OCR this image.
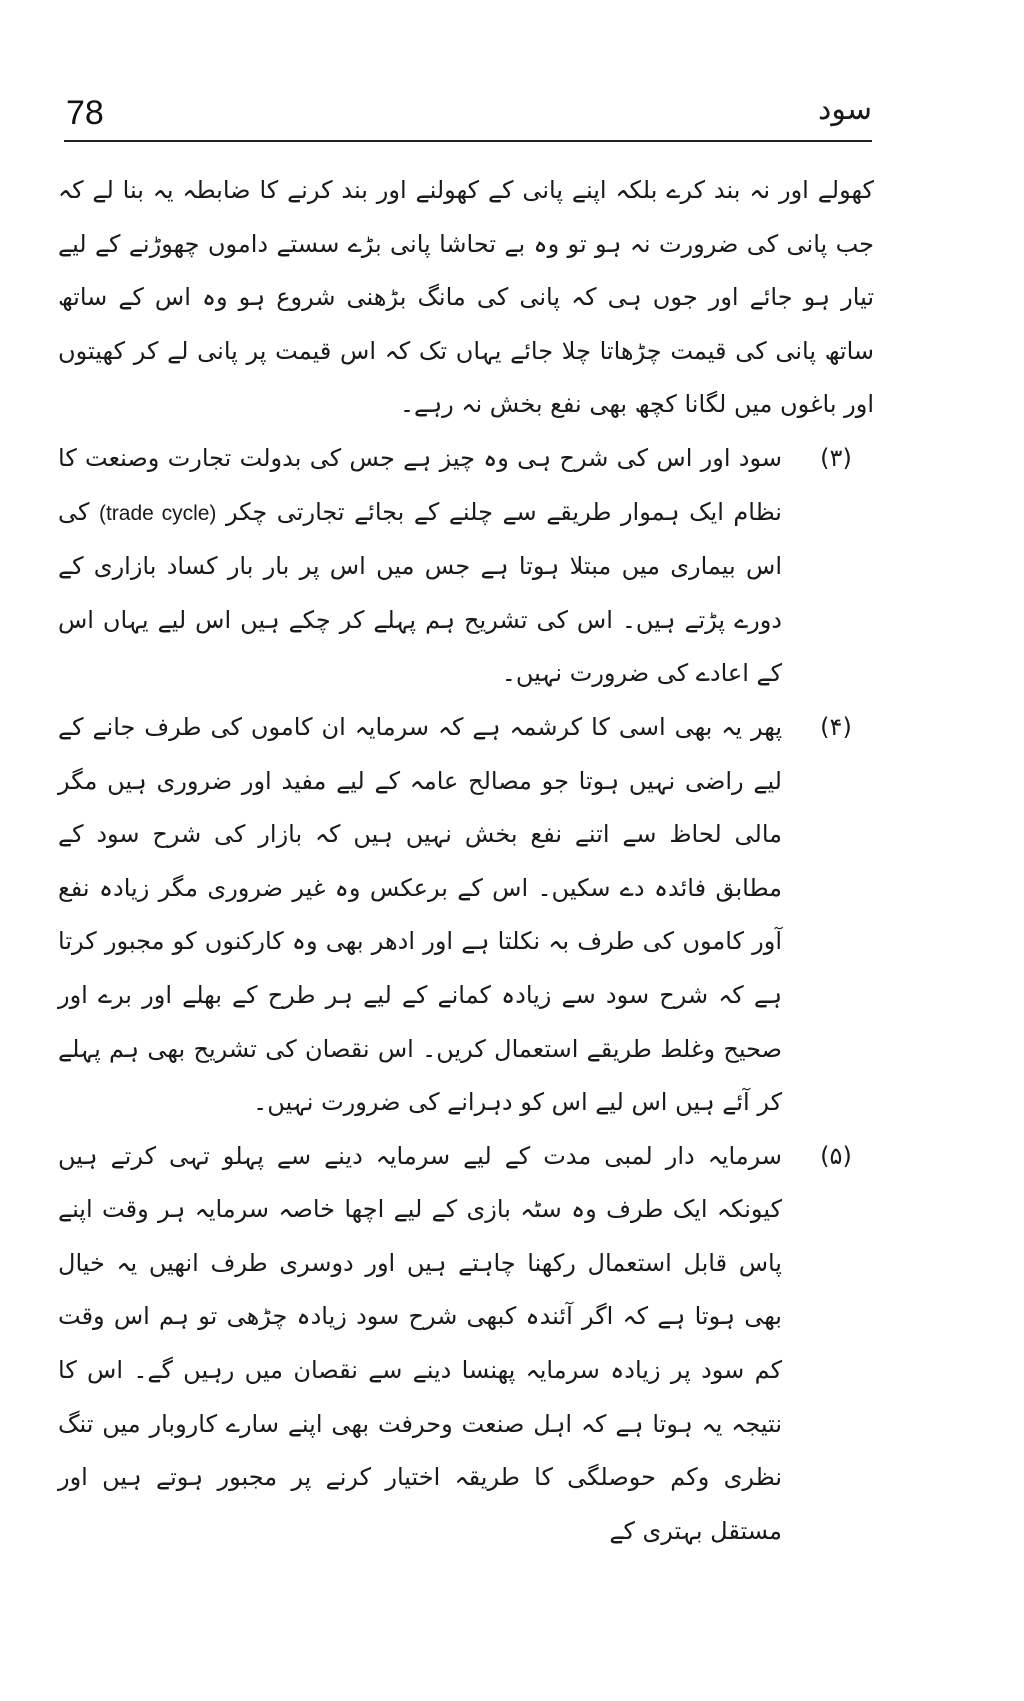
78	سود

کھولے اور نہ بند کرے بلکہ اپنے پانی کے کھولنے اور بند کرنے کا ضابطہ یہ بنا لے کہ جب پانی کی ضرورت نہ ہو تو وہ بے تحاشا پانی بڑے سستے داموں چھوڑنے کے لیے تیار ہو جائے اور جوں ہی کہ پانی کی مانگ بڑھنی شروع ہو وہ اس کے ساتھ ساتھ پانی کی قیمت چڑھاتا چلا جائے یہاں تک کہ اس قیمت پر پانی لے کر کھیتوں اور باغوں میں لگانا کچھ بھی نفع بخش نہ رہے۔

(۳)
سود اور اس کی شرح ہی وہ چیز ہے جس کی بدولت تجارت وصنعت کا نظام ایک ہموار طریقے سے چلنے کے بجائے تجارتی چکر (trade cycle) کی اس بیماری میں مبتلا ہوتا ہے جس میں اس پر بار بار کساد بازاری کے دورے پڑتے ہیں۔ اس کی تشریح ہم پہلے کر چکے ہیں اس لیے یہاں اس کے اعادے کی ضرورت نہیں۔
(۴)
پھر یہ بھی اسی کا کرشمہ ہے کہ سرمایہ ان کاموں کی طرف جانے کے لیے راضی نہیں ہوتا جو مصالح عامہ کے لیے مفید اور ضروری ہیں مگر مالی لحاظ سے اتنے نفع بخش نہیں ہیں کہ بازار کی شرح سود کے مطابق فائدہ دے سکیں۔ اس کے برعکس وہ غیر ضروری مگر زیادہ نفع آور کاموں کی طرف بہ نکلتا ہے اور ادھر بھی وہ کارکنوں کو مجبور کرتا ہے کہ شرح سود سے زیادہ کمانے کے لیے ہر طرح کے بھلے اور برے اور صحیح وغلط طریقے استعمال کریں۔ اس نقصان کی تشریح بھی ہم پہلے کر آئے ہیں اس لیے اس کو دہرانے کی ضرورت نہیں۔
(۵)
سرمایہ دار لمبی مدت کے لیے سرمایہ دینے سے پہلو تہی کرتے ہیں کیونکہ ایک طرف وہ سٹہ بازی کے لیے اچھا خاصہ سرمایہ ہر وقت اپنے پاس قابل استعمال رکھنا چاہتے ہیں اور دوسری طرف انھیں یہ خیال بھی ہوتا ہے کہ اگر آئندہ کبھی شرح سود زیادہ چڑھی تو ہم اس وقت کم سود پر زیادہ سرمایہ پھنسا دینے سے نقصان میں رہیں گے۔ اس کا نتیجہ یہ ہوتا ہے کہ اہل صنعت وحرفت بھی اپنے سارے کاروبار میں تنگ نظری وکم حوصلگی کا طریقہ اختیار کرنے پر مجبور ہوتے ہیں اور مستقل بہتری کے
